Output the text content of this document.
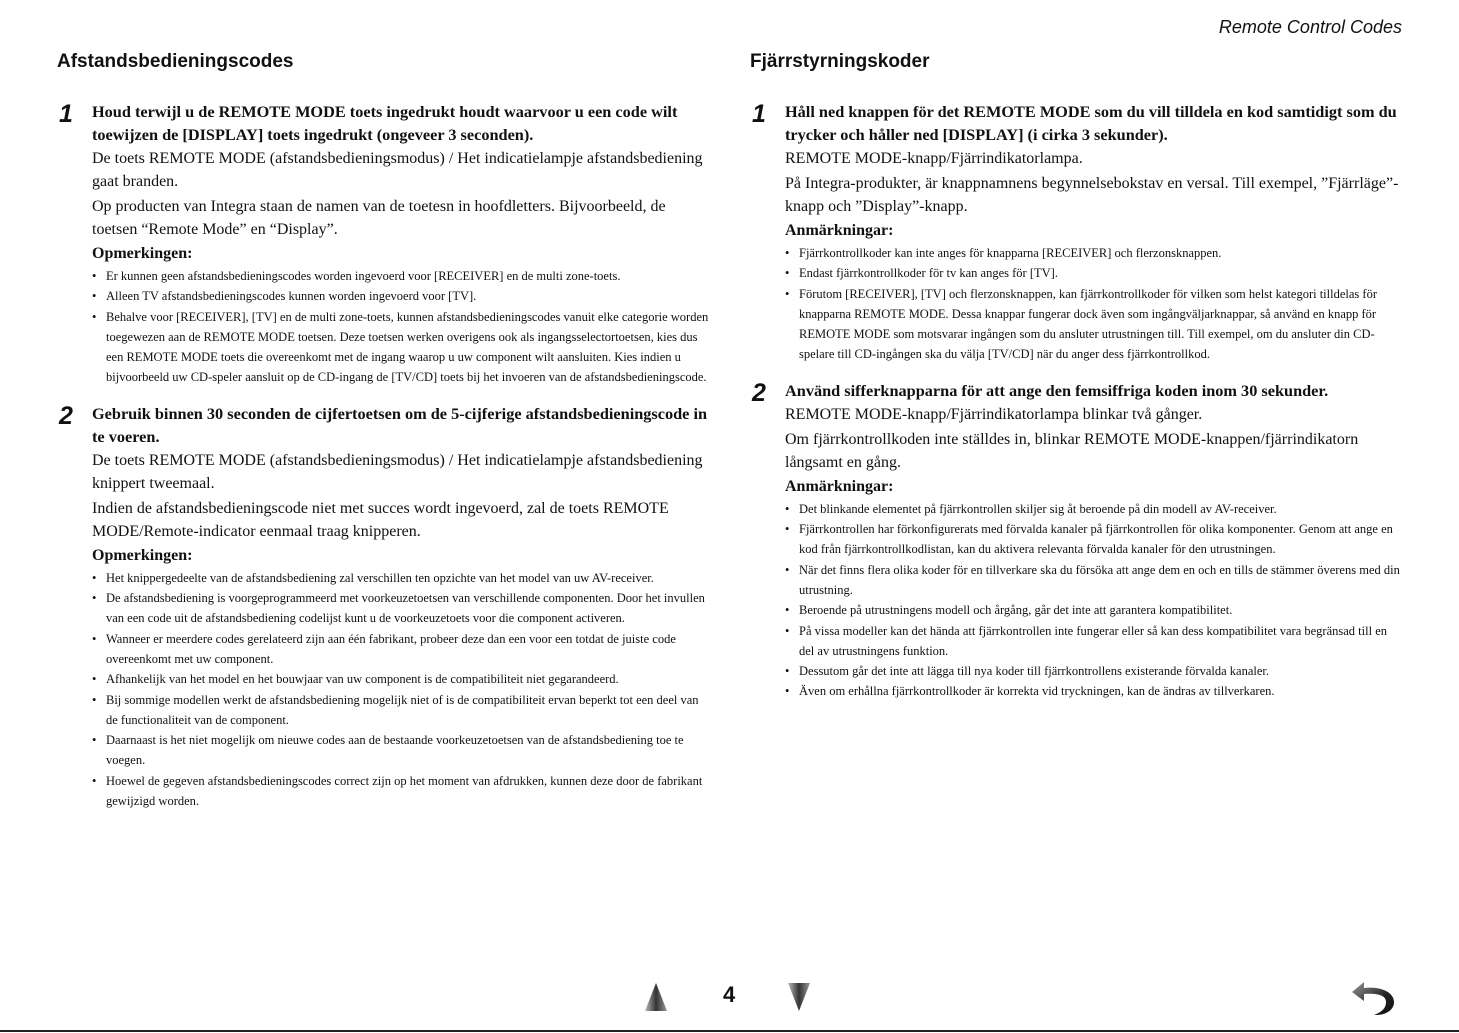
Remote Control Codes
Afstandsbedieningscodes
1 Houd terwijl u de REMOTE MODE toets ingedrukt houdt waarvoor u een code wilt toewijzen de [DISPLAY] toets ingedrukt (ongeveer 3 seconden).

De toets REMOTE MODE (afstandsbedieningsmodus) / Het indicatielampje afstandsbediening gaat branden.

Op producten van Integra staan de namen van de toetesn in hoofdletters. Bijvoorbeeld, de toetsen “Remote Mode” en “Display”.

Opmerkingen:
• Er kunnen geen afstandsbedieningscodes worden ingevoerd voor [RECEIVER] en de multi zone-toets.
• Alleen TV afstandsbedieningscodes kunnen worden ingevoerd voor [TV].
• Behalve voor [RECEIVER], [TV] en de multi zone-toets, kunnen afstandsbedieningscodes vanuit elke categorie worden toegewezen aan de REMOTE MODE toetsen. Deze toetsen werken overigens ook als ingangsselectortoetsen, kies dus een REMOTE MODE toets die overeenkomt met de ingang waarop u uw component wilt aansluiten. Kies indien u bijvoorbeeld uw CD-speler aansluit op de CD-ingang de [TV/CD] toets bij het invoeren van de afstandsbedieningscode.
2 Gebruik binnen 30 seconden de cijfertoetsen om de 5-cijferige afstandsbedieningscode in te voeren.

De toets REMOTE MODE (afstandsbedieningsmodus) / Het indicatielampje afstandsbediening knippert tweemaal.

Indien de afstandsbedieningscode niet met succes wordt ingevoerd, zal de toets REMOTE MODE/Remote-indicator eenmaal traag knipperen.

Opmerkingen:
• Het knippergedeelte van de afstandsbediening zal verschillen ten opzichte van het model van uw AV-receiver.
• De afstandsbediening is voorgeprogrammeerd met voorkeuzetoetsen van verschillende componenten. Door het invullen van een code uit de afstandsbediening codelijst kunt u de voorkeuzetoets voor die component activeren.
• Wanneer er meerdere codes gerelateerd zijn aan één fabrikant, probeer deze dan een voor een totdat de juiste code overeenkomt met uw component.
• Afhankelijk van het model en het bouwjaar van uw component is de compatibiliteit niet gegarandeerd.
• Bij sommige modellen werkt de afstandsbediening mogelijk niet of is de compatibiliteit ervan beperkt tot een deel van de functionaliteit van de component.
• Daarnaast is het niet mogelijk om nieuwe codes aan de bestaande voorkeuzetoetsen van de afstandsbediening toe te voegen.
• Hoewel de gegeven afstandsbedieningscodes correct zijn op het moment van afdrukken, kunnen deze door de fabrikant gewijzigd worden.
Fjärrstyrningskoder
1 Håll ned knappen för det REMOTE MODE som du vill tilldela en kod samtidigt som du trycker och håller ned [DISPLAY] (i cirka 3 sekunder).

REMOTE MODE-knapp/Fjärrindikatorlampa.

På Integra-produkter, är knappnamnens begynnelsebokstav en versal. Till exempel, ”Fjärrläge”-knapp och ”Display”-knapp.

Anmärkningar:
• Fjärrkontrollkoder kan inte anges för knapparna [RECEIVER] och flerzonsknappen.
• Endast fjärrkontrollkoder för tv kan anges för [TV].
• Förutom [RECEIVER], [TV] och flerzonsknappen, kan fjärrkontrollkoder för vilken som helst kategori tilldelas för knapparna REMOTE MODE. Dessa knappar fungerar dock även som ingångväljarknappar, så använd en knapp för REMOTE MODE som motsvarar ingången som du ansluter utrustningen till. Till exempel, om du ansluter din CD-spelare till CD-ingången ska du välja [TV/CD] när du anger dess fjärrkontrollkod.
2 Använd sifferknapparna för att ange den femsiffriga koden inom 30 sekunder.

REMOTE MODE-knapp/Fjärrindikatorlampa blinkar två gånger.

Om fjärrkontrollkoden inte ställdes in, blinkar REMOTE MODE-knappen/fjärrindikatorn långsamt en gång.

Anmärkningar:
• Det blinkande elementet på fjärrkontrollen skiljer sig åt beroende på din modell av AV-receiver.
• Fjärrkontrollen har förkonfigurerats med förvalda kanaler på fjärrkontrollen för olika komponenter. Genom att ange en kod från fjärrkontrollkodlistan, kan du aktivera relevanta förvalda kanaler för den utrustningen.
• När det finns flera olika koder för en tillverkare ska du försöka att ange dem en och en tills de stämmer överens med din utrustning.
• Beroende på utrustningens modell och årgång, går det inte att garantera kompatibilitet.
• På vissa modeller kan det hända att fjärrkontrollen inte fungerar eller så kan dess kompatibilitet vara begränsad till en del av utrustningens funktion.
• Dessutom går det inte att lägga till nya koder till fjärrkontrollens existerande förvalda kanaler.
• Även om erhållna fjärrkontrollkoder är korrekta vid tryckningen, kan de ändras av tillverkaren.
4
